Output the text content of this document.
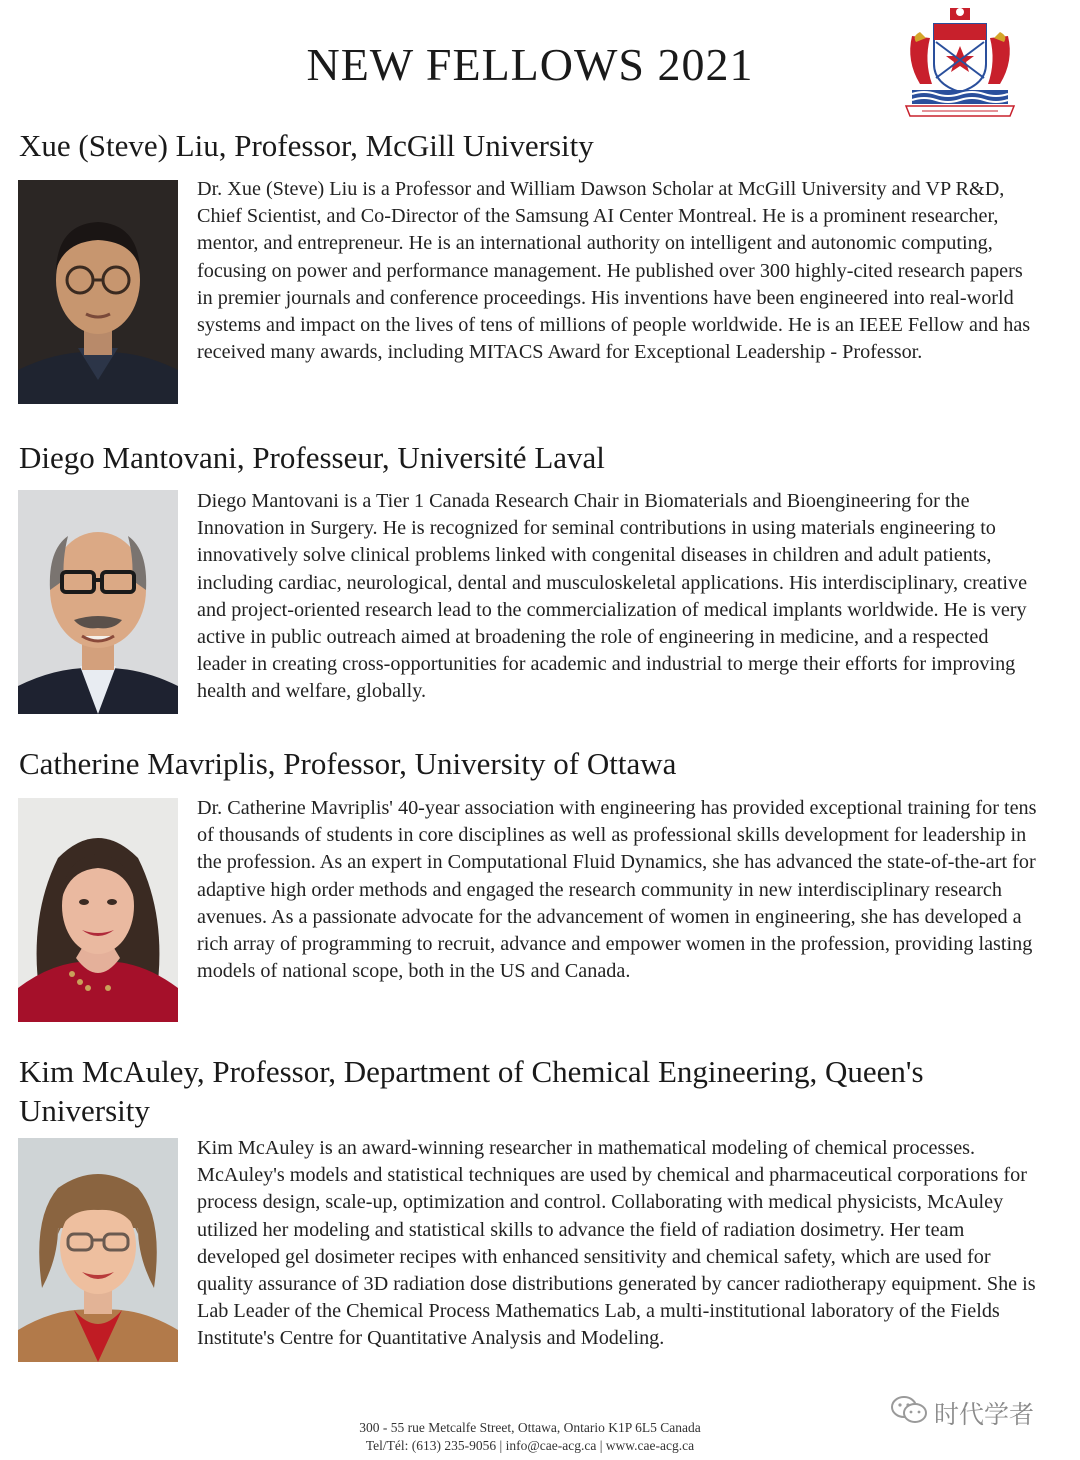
NEW FELLOWS 2021
Xue (Steve) Liu, Professor, McGill University

Dr. Xue (Steve) Liu is a Professor and William Dawson Scholar at McGill University and VP R&D, Chief Scientist, and Co-Director of the Samsung AI Center Montreal. He is a prominent researcher, mentor, and entrepreneur. He is an international authority on intelligent and autonomic computing, focusing on power and performance management. He published over 300 highly-cited research papers in premier journals and conference proceedings. His inventions have been engineered into real-world systems and impact on the lives of tens of millions of people worldwide. He is an IEEE Fellow and has received many awards, including MITACS Award for Exceptional Leadership - Professor.

Diego Mantovani, Professeur, Université Laval

Diego Mantovani is a Tier 1 Canada Research Chair in Biomaterials and Bioengineering for the Innovation in Surgery. He is recognized for seminal contributions in using materials engineering to innovatively solve clinical problems linked with congenital diseases in children and adult patients, including cardiac, neurological, dental and musculoskeletal applications. His interdisciplinary, creative and project-oriented research lead to the commercialization of medical implants worldwide. He is very active in public outreach aimed at broadening the role of engineering in medicine, and a respected leader in creating cross-opportunities for academic and industrial to merge their efforts for improving health and welfare, globally.

Catherine Mavriplis, Professor, University of Ottawa

Dr. Catherine Mavriplis' 40-year association with engineering has provided exceptional training for tens of thousands of students in core disciplines as well as professional skills development for leadership in the profession. As an expert in Computational Fluid Dynamics, she has advanced the state-of-the-art for adaptive high order methods and engaged the research community in new interdisciplinary research avenues. As a passionate advocate for the advancement of women in engineering, she has developed a rich array of programming to recruit, advance and empower women in the profession, providing lasting models of national scope, both in the US and Canada.

Kim McAuley, Professor, Department of Chemical Engineering, Queen's University

Kim McAuley is an award-winning researcher in mathematical modeling of chemical processes. McAuley's models and statistical techniques are used by chemical and pharmaceutical corporations for process design, scale-up, optimization and control. Collaborating with medical physicists, McAuley utilized her modeling and statistical skills to advance the field of radiation dosimetry. Her team developed gel dosimeter recipes with enhanced sensitivity and chemical safety, which are used for quality assurance of 3D radiation dose distributions generated by cancer radiotherapy equipment. She is Lab Leader of the Chemical Process Mathematics Lab, a multi-institutional laboratory of the Fields Institute's Centre for Quantitative Analysis and Modeling.

300 - 55 rue Metcalfe Street, Ottawa, Ontario K1P 6L5 Canada
Tel/Tél: (613) 235-9056 | info@cae-acg.ca | www.cae-acg.ca
时代学者
